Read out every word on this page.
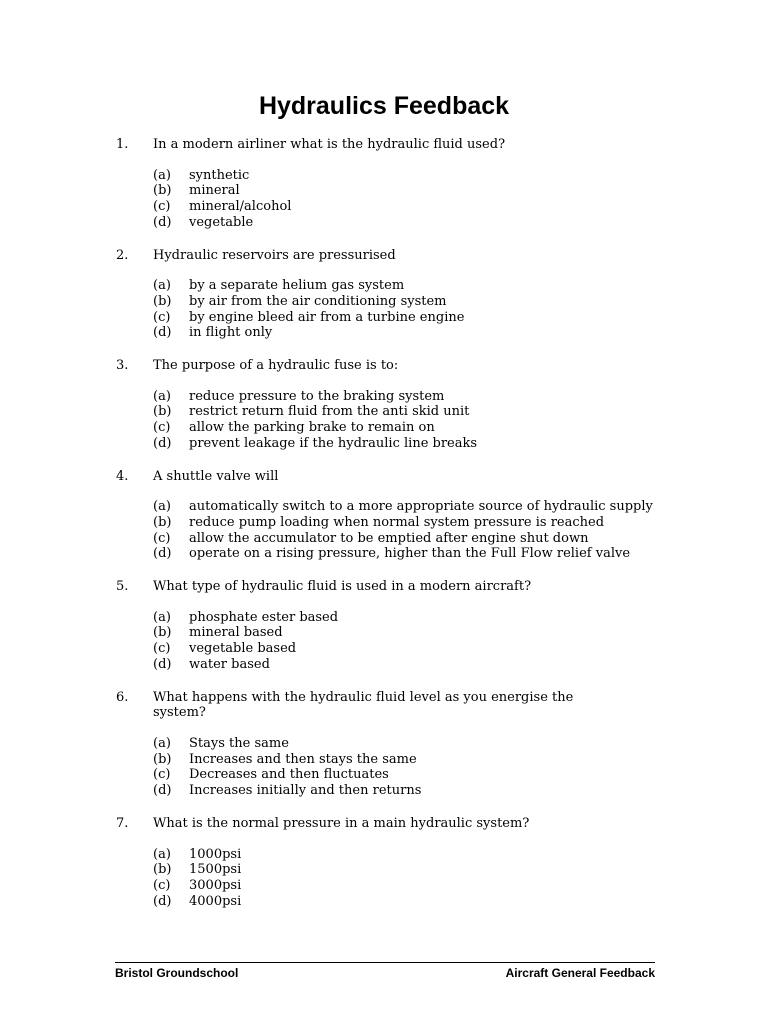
Hydraulics Feedback
1. In a modern airliner what is the hydraulic fluid used?
(a) synthetic
(b) mineral
(c) mineral/alcohol
(d) vegetable
2. Hydraulic reservoirs are pressurised
(a) by a separate helium gas system
(b) by air from the air conditioning system
(c) by engine bleed air from a turbine engine
(d) in flight only
3. The purpose of a hydraulic fuse is to:
(a) reduce pressure to the braking system
(b) restrict return fluid from the anti skid unit
(c) allow the parking brake to remain on
(d) prevent leakage if the hydraulic line breaks
4. A shuttle valve will
(a) automatically switch to a more appropriate source of hydraulic supply
(b) reduce pump loading when normal system pressure is reached
(c) allow the accumulator to be emptied after engine shut down
(d) operate on a rising pressure, higher than the Full Flow relief valve
5. What type of hydraulic fluid is used in a modern aircraft?
(a) phosphate ester based
(b) mineral based
(c) vegetable based
(d) water based
6. What happens with the hydraulic fluid level as you energise the system?
(a) Stays the same
(b) Increases and then stays the same
(c) Decreases and then fluctuates
(d) Increases initially and then returns
7. What is the normal pressure in a main hydraulic system?
(a) 1000psi
(b) 1500psi
(c) 3000psi
(d) 4000psi
Bristol Groundschool	Aircraft General Feedback
